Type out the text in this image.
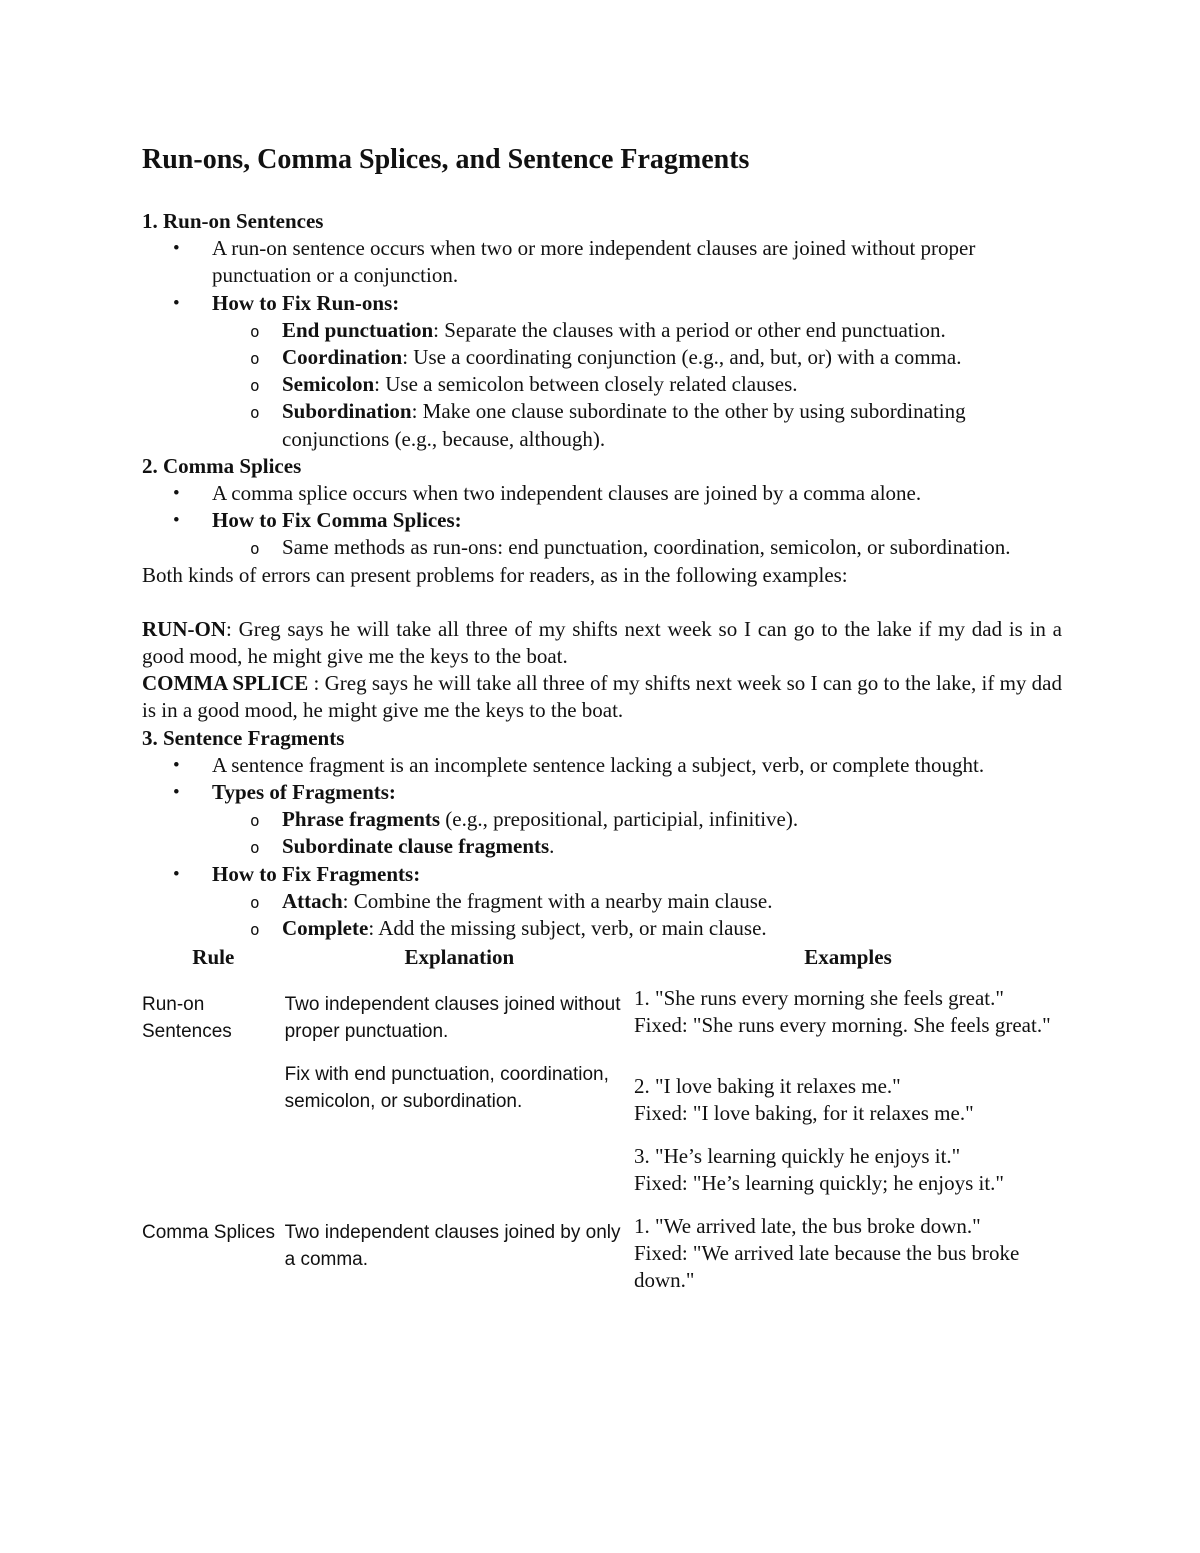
Run-ons, Comma Splices, and Sentence Fragments

1. Run-on Sentences

• A run-on sentence occurs when two or more independent clauses are joined without proper punctuation or a conjunction.
• How to Fix Run-ons:
o End punctuation: Separate the clauses with a period or other end punctuation.
o Coordination: Use a coordinating conjunction (e.g., and, but, or) with a comma.
o Semicolon: Use a semicolon between closely related clauses.
o Subordination: Make one clause subordinate to the other by using subordinating conjunctions (e.g., because, although).

2. Comma Splices

• A comma splice occurs when two independent clauses are joined by a comma alone.
• How to Fix Comma Splices:
o Same methods as run-ons: end punctuation, coordination, semicolon, or subordination.

Both kinds of errors can present problems for readers, as in the following examples:

RUN-ON: Greg says he will take all three of my shifts next week so I can go to the lake if my dad is in a good mood, he might give me the keys to the boat.

COMMA SPLICE : Greg says he will take all three of my shifts next week so I can go to the lake, if my dad is in a good mood, he might give me the keys to the boat.

3. Sentence Fragments

• A sentence fragment is an incomplete sentence lacking a subject, verb, or complete thought.
• Types of Fragments:
o Phrase fragments (e.g., prepositional, participial, infinitive).
o Subordinate clause fragments.
• How to Fix Fragments:
o Attach: Combine the fragment with a nearby main clause.
o Complete: Add the missing subject, verb, or main clause.
Rule	Explanation	Examples
Run-on Sentences	Two independent clauses joined without proper punctuation.	1. "She runs every morning she feels great."
Fixed: "She runs every morning. She feels great."

	Fix with end punctuation, coordination, semicolon, or subordination.	2. "I love baking it relaxes me."
Fixed: "I love baking, for it relaxes me."

		3. "He’s learning quickly he enjoys it."
Fixed: "He’s learning quickly; he enjoys it."

Comma Splices	Two independent clauses joined by only a comma.	1. "We arrived late, the bus broke down."
Fixed: "We arrived late because the bus broke down."
